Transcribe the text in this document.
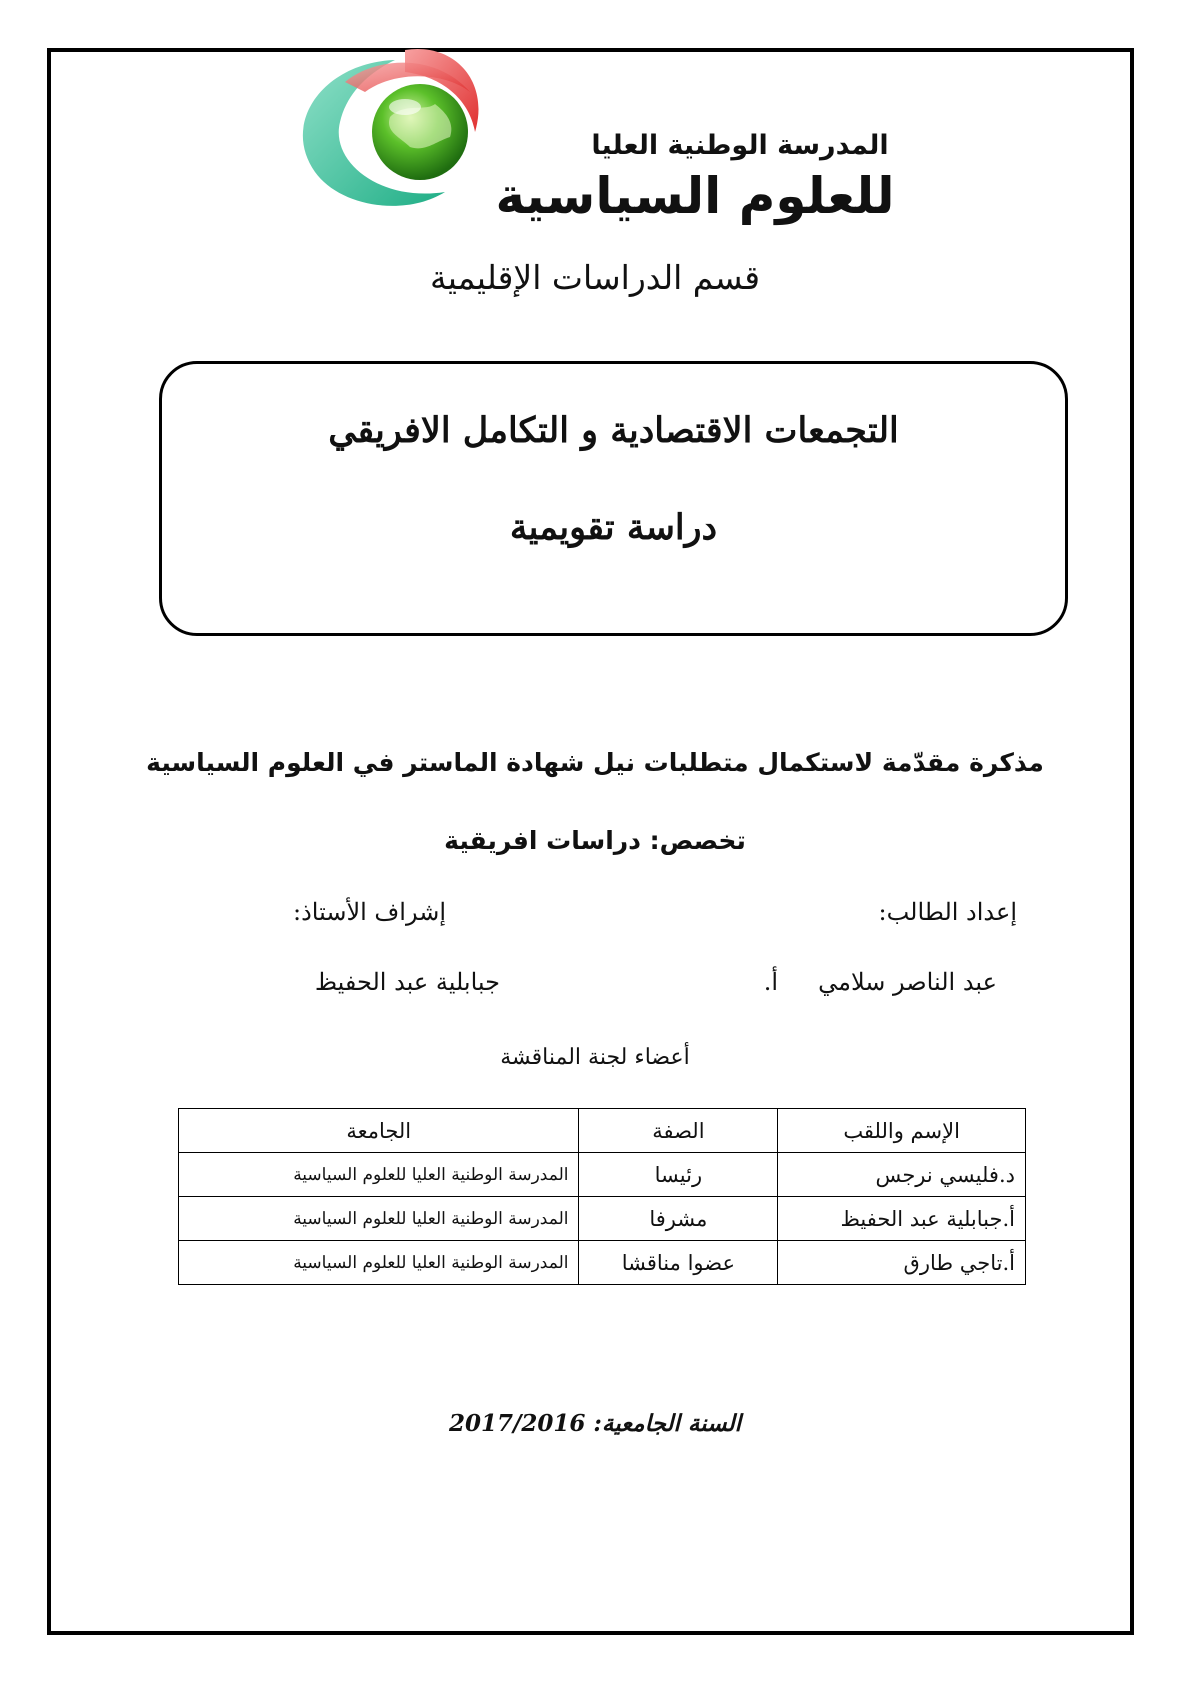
المدرسة الوطنية العليا
للعلوم السياسية
قسم الدراسات الإقليمية
التجمعات الاقتصادية و التكامل الافريقي
دراسة تقويمية
مذكرة مقدّمة لاستكمال متطلبات نيل شهادة الماستر في العلوم السياسية
تخصص: دراسات افريقية
إعداد الطالب:
إشراف الأستاذ:
عبد الناصر سلامي
أ.
جبابلية عبد الحفيظ
أعضاء لجنة المناقشة
الإسم واللقب	الصفة	الجامعة
د.فليسي نرجس	رئيسا	المدرسة الوطنية العليا للعلوم السياسية
أ.جبابلية عبد الحفيظ	مشرفا	المدرسة الوطنية العليا للعلوم السياسية
أ.تاجي طارق	عضوا مناقشا	المدرسة الوطنية العليا للعلوم السياسية
السنة الجامعية: 2017/2016
